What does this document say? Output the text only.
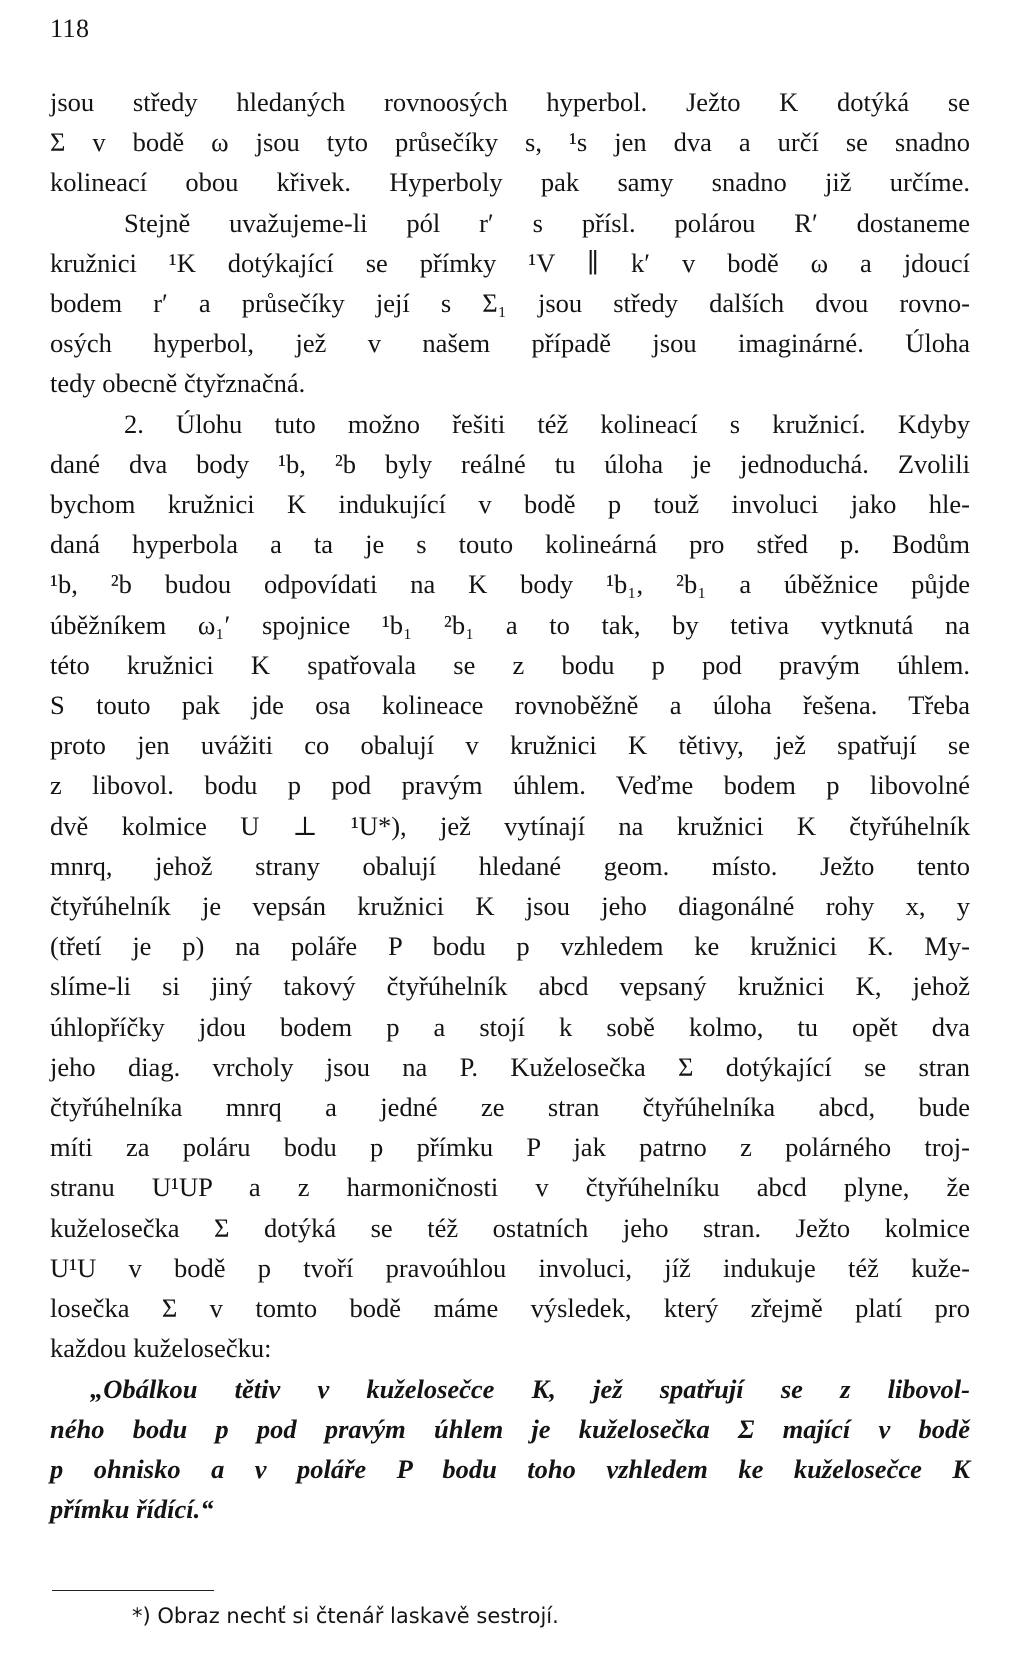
118
jsou středy hledaných rovnoosých hyperbol. Ježto K dotýká se
Σ v bodě ω jsou tyto průsečíky s, ¹s jen dva a určí se snadno
kolineací obou křivek. Hyperboly pak samy snadno již určíme.
Stejně uvažujeme-li pól r′ s přísl. polárou R′ dostaneme
kružnici ¹K dotýkající se přímky ¹V ∥ k′ v bodě ω a jdoucí
bodem r′ a průsečíky její s Σ₁ jsou středy dalších dvou rovno-
osých hyperbol, jež v našem případě jsou imaginárné. Úloha
tedy obecně čtyřznačná.
2. Úlohu tuto možno řešiti též kolineací s kružnicí. Kdyby
dané dva body ¹b, ²b byly reálné tu úloha je jednoduchá. Zvolili
bychom kružnici K indukující v bodě p touž involuci jako hle-
daná hyperbola a ta je s touto kolineárná pro střed p. Bodům
¹b, ²b budou odpovídati na K body ¹b₁, ²b₁ a úběžnice půjde
úběžníkem ω₁′ spojnice ¹b₁ ²b₁ a to tak, by tetiva vytknutá na
této kružnici K spatřovala se z bodu p pod pravým úhlem.
S touto pak jde osa kolineace rovnoběžně a úloha řešena. Třeba
proto jen uvážiti co obalují v kružnici K tětivy, jež spatřují se
z libovol. bodu p pod pravým úhlem. Veďme bodem p libovolné
dvě kolmice U ⊥ ¹U*), jež vytínají na kružnici K čtyřúhelník
mnrq, jehož strany obalují hledané geom. místo. Ježto tento
čtyřúhelník je vepsán kružnici K jsou jeho diagonálné rohy x, y
(třetí je p) na poláře P bodu p vzhledem ke kružnici K. My-
slíme-li si jiný takový čtyřúhelník abcd vepsaný kružnici K, jehož
úhlopříčky jdou bodem p a stojí k sobě kolmo, tu opět dva
jeho diag. vrcholy jsou na P. Kuželosečka Σ dotýkající se stran
čtyřúhelníka mnrq a jedné ze stran čtyřúhelníka abcd, bude
míti za poláru bodu p přímku P jak patrno z polárného troj-
stranu U¹UP a z harmoničnosti v čtyřúhelníku abcd plyne, že
kuželosečka Σ dotýká se též ostatních jeho stran. Ježto kolmice
U¹U v bodě p tvoří pravoúhlou involuci, jíž indukuje též kuže-
losečka Σ v tomto bodě máme výsledek, který zřejmě platí pro
každou kuželosečku:
„Obálkou tětiv v kuželosečce K, jež spatřují se z libovol-
ného bodu p pod pravým úhlem je kuželosečka Σ mající v bodě
p ohnisko a v poláře P bodu toho vzhledem ke kuželosečce K
přímku řídící.“
*) Obraz nechť si čtenář laskavě sestrojí.
